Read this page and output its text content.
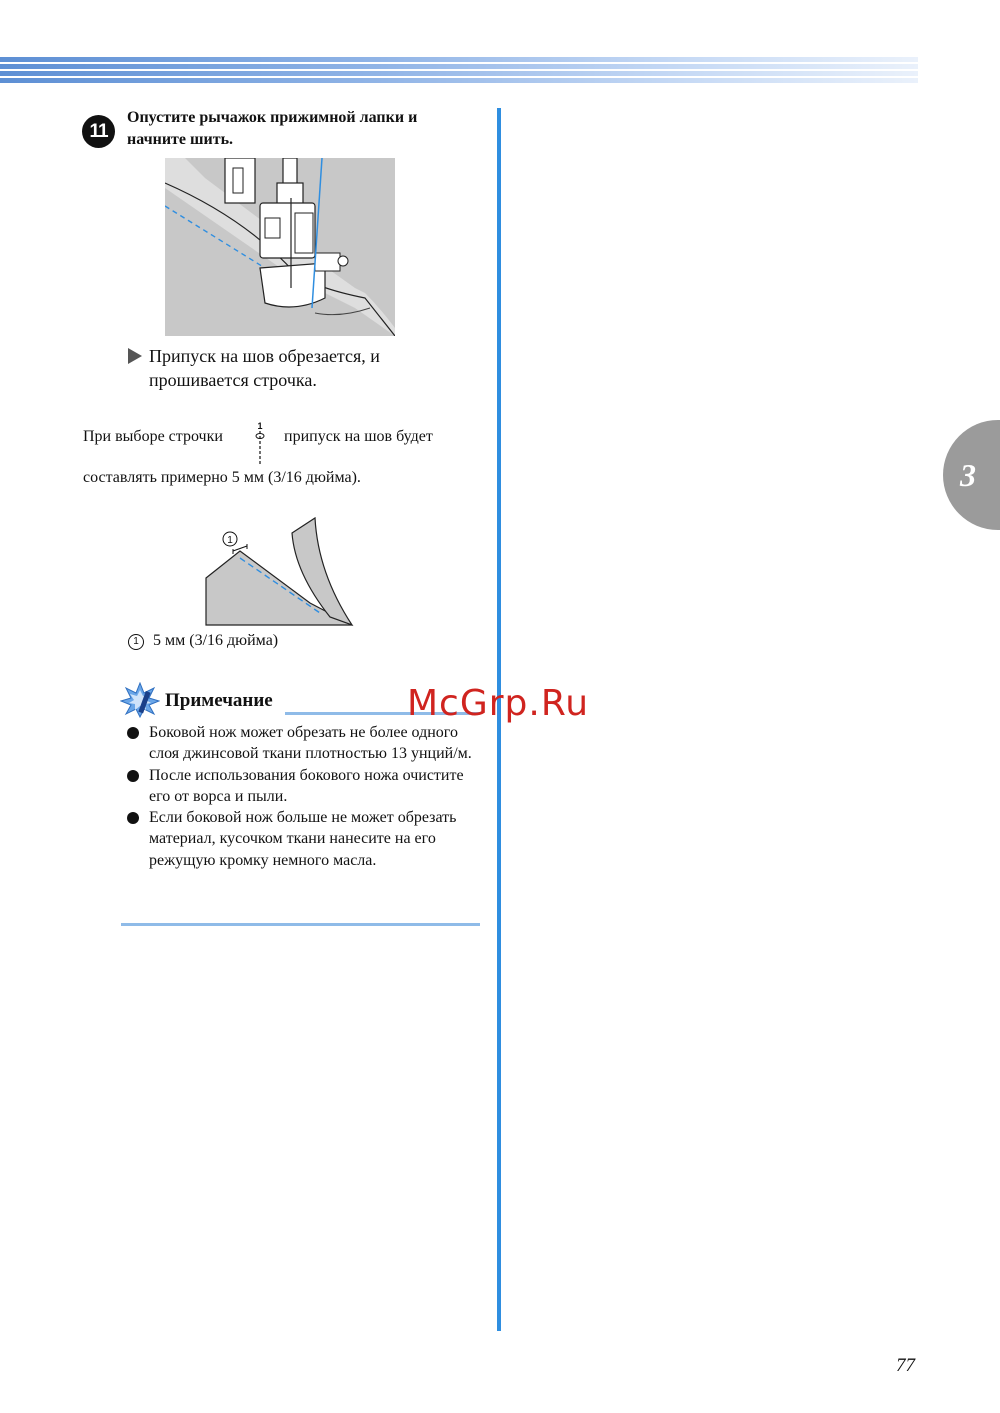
11
Опустите рычажок прижимной лапки и начните шить.
Припуск на шов обрезается, и прошивается строчка.
При выборе строчки
1
припуск на шов будет
составлять примерно 5 мм (3/16 дюйма).
1
1 5 мм (3/16 дюйма)
Примечание
Боковой нож может обрезать не более одного слоя джинсовой ткани плотностью 13 унций/м.
После использования бокового ножа очистите его от ворса и пыли.
Если боковой нож больше не может обрезать материал, кусочком ткани нанесите на его режущую кромку немного масла.
3
McGrp.Ru
77
